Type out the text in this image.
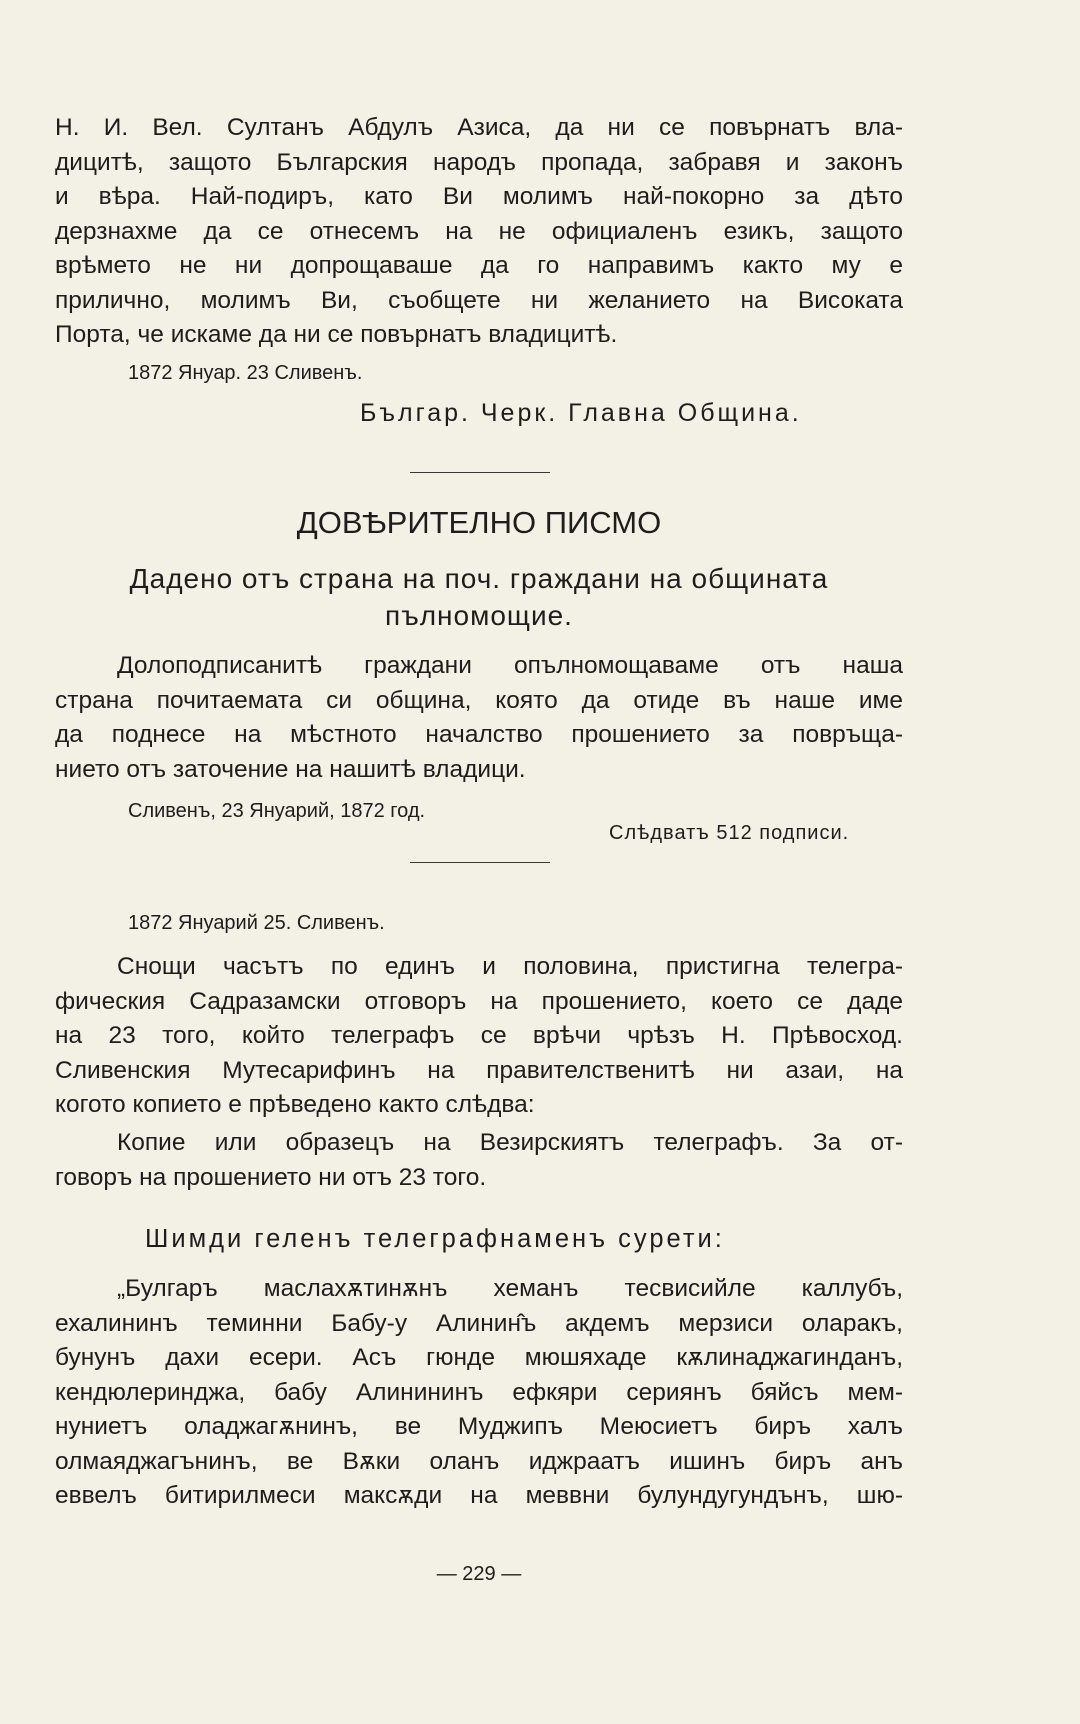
Н. И. Вел. Султанъ Абдулъ Азиса, да ни се повърнатъ вла-
дицитѣ, защото Българския народъ пропада, забравя и законъ
и вѣра. Най-подиръ, като Ви молимъ най-покорно за дѣто
дерзнахме да се отнесемъ на не официаленъ езикъ, защото
врѣмето не ни допрощаваше да го направимъ както му е
прилично, молимъ Ви, съобщете ни желанието на Високата
Порта, че искаме да ни се повърнатъ владицитѣ.
1872 Януар. 23 Сливенъ.
Българ. Черк. Главна Община.
ДОВѢРИТЕЛНО ПИСМО
Дадено отъ страна на поч. граждани на общината
пълномощие.
Долоподписанитѣ граждани опълномощаваме отъ наша
страна почитаемата си община, която да отиде въ наше име
да поднесе на мѣстното началство прошението за повръща-
нието отъ заточение на нашитѣ владици.
Сливенъ, 23 Януарий, 1872 год.
Слѣдватъ 512 подписи.
1872 Януарий 25. Сливенъ.
Снощи часътъ по единъ и половина, пристигна телегра-
фическия Садразамски отговоръ на прошението, което се даде
на 23 того, който телеграфъ се врѣчи чрѣзъ Н. Прѣвосход.
Сливенския Мутесарифинъ на правителственитѣ ни азаи, на
когото копието е прѣведено както слѣдва:
Копие или образецъ на Везирскиятъ телеграфъ. За от-
говоръ на прошението ни отъ 23 того.
Шимди геленъ телеграфнаменъ сурети:
„Булгаръ маслахѫтинѫнъ хеманъ тесвисийле каллубъ,
ехалининъ теминни Бабу-у Алинин̂ъ акдемъ мерзиси оларакъ,
бунунъ дахи есери. Асъ гюнде мюшяхаде кѫлинаджагинданъ,
кендюлеринджа, бабу Алинининъ ефкяри сериянъ бяйсъ мем-
нуниетъ оладжагѫнинъ, ве Муджипъ Меюсиетъ биръ халъ
олмаяджагънинъ, ве Вѫки оланъ иджраатъ ишинъ биръ анъ
еввелъ битирилмеси максѫди на меввни булундугундънъ, шю-
— 229 —
